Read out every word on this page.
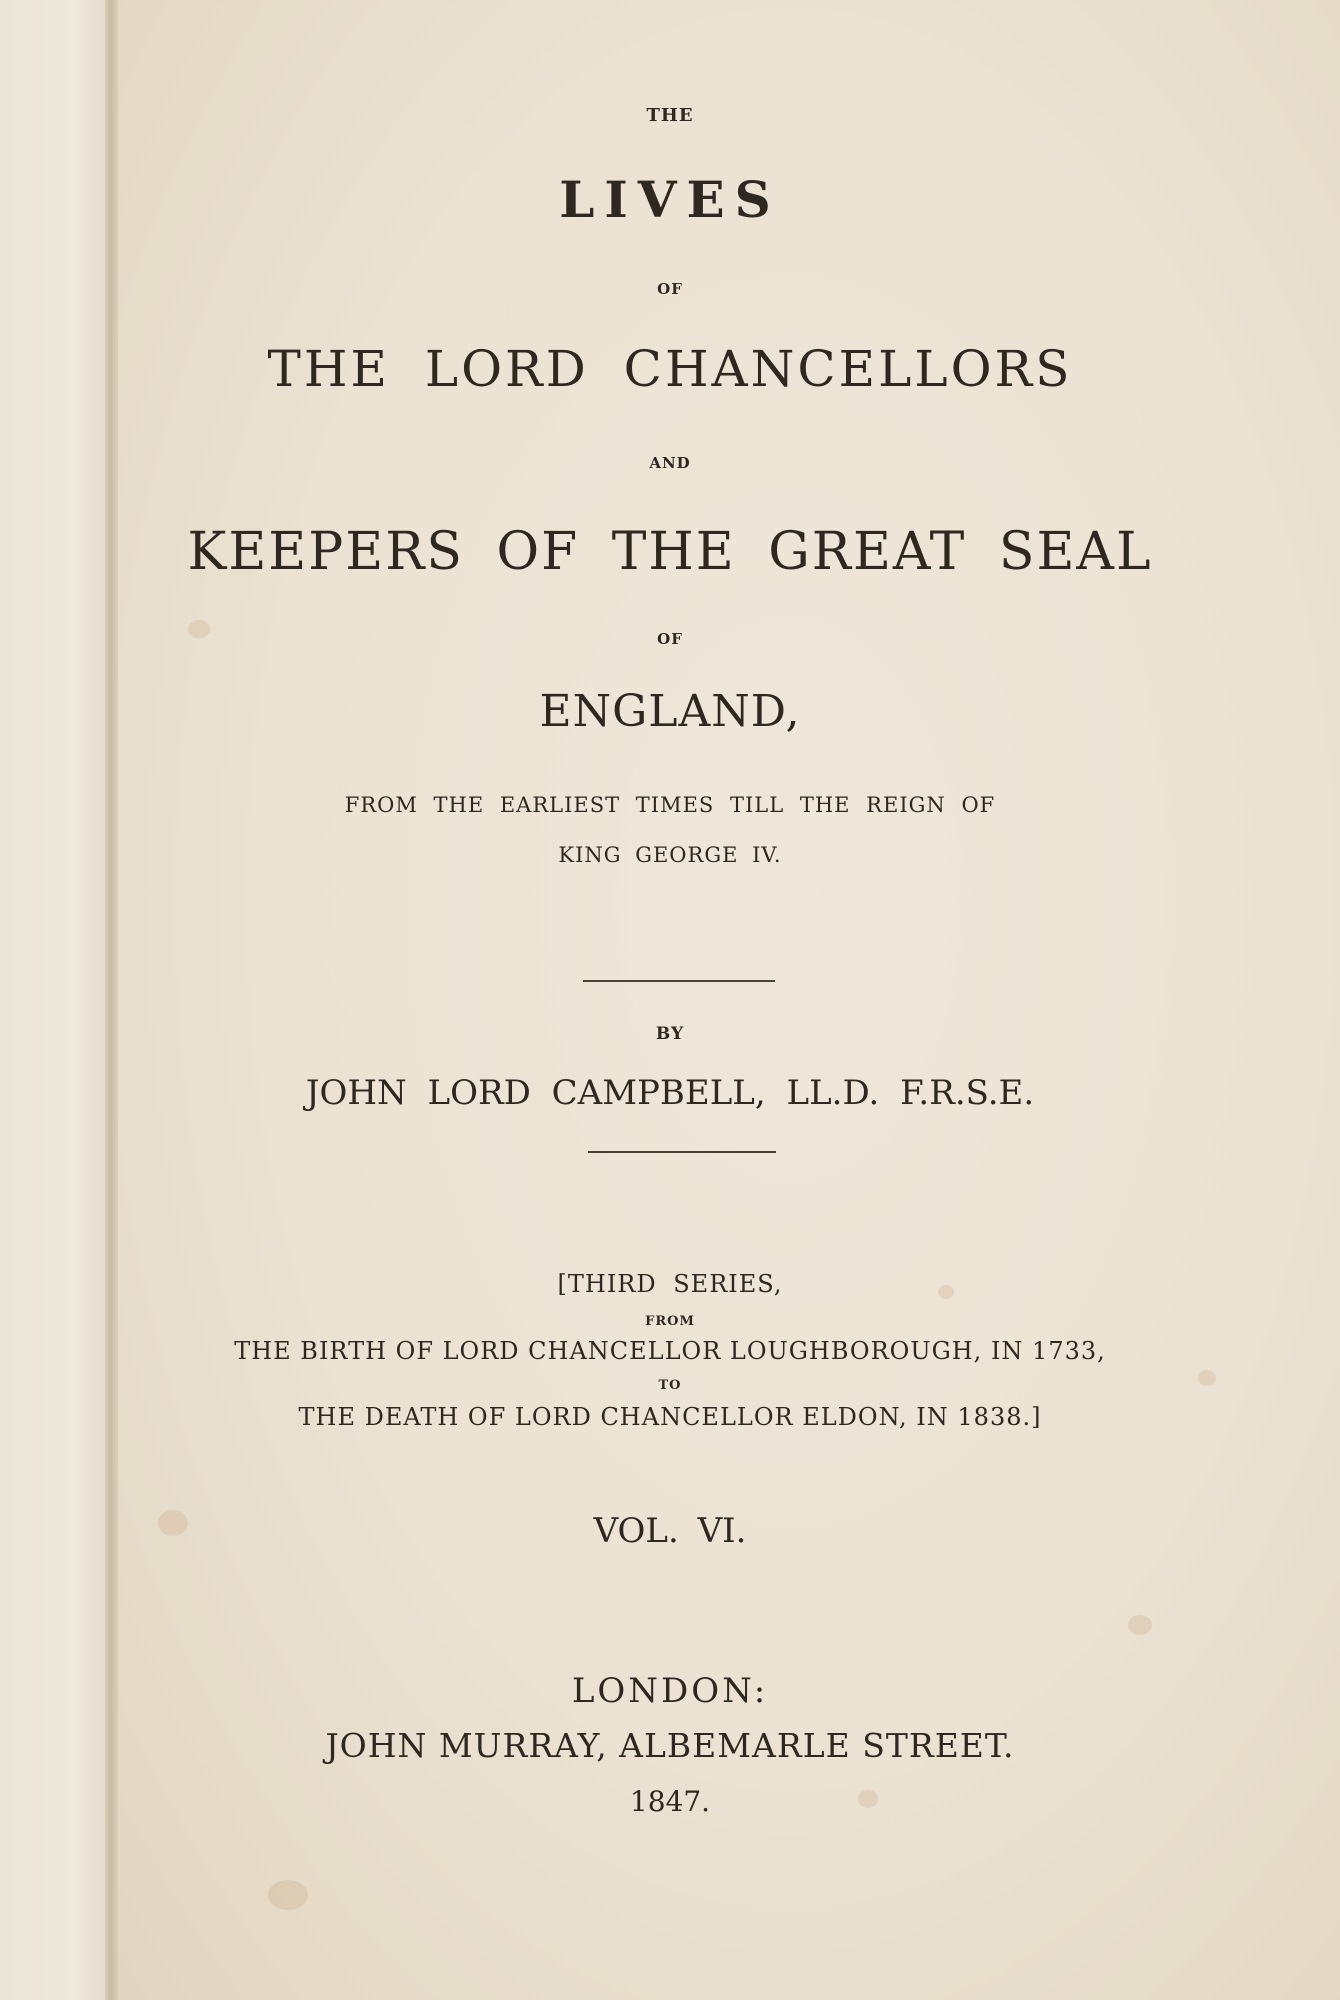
THE

LIVES

OF

THE LORD CHANCELLORS

AND

KEEPERS OF THE GREAT SEAL

OF

ENGLAND,

FROM THE EARLIEST TIMES TILL THE REIGN OF

KING GEORGE IV.

BY

JOHN LORD CAMPBELL, LL.D. F.R.S.E.

[THIRD SERIES,

FROM

THE BIRTH OF LORD CHANCELLOR LOUGHBOROUGH, IN 1733,

TO

THE DEATH OF LORD CHANCELLOR ELDON, IN 1838.]

VOL. VI.

LONDON:

JOHN MURRAY, ALBEMARLE STREET.

1847.
